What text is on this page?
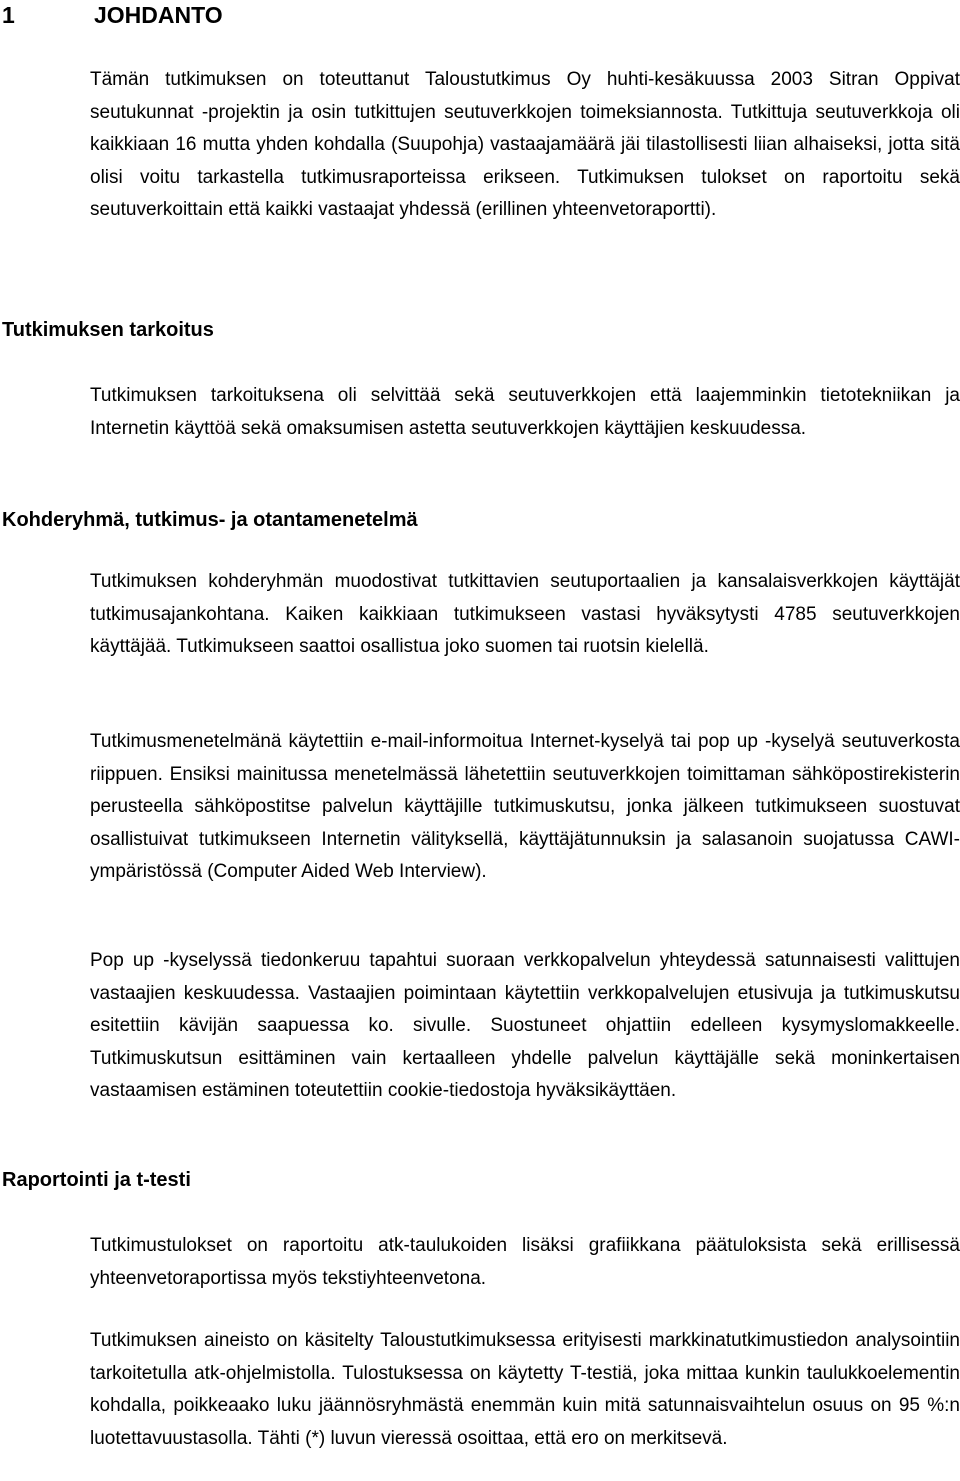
1	JOHDANTO

Tämän tutkimuksen on toteuttanut Taloustutkimus Oy huhti-kesäkuussa 2003 Sitran Oppivat seutukunnat -projektin ja osin tutkittujen seutuverkkojen toimeksiannosta. Tutkittuja seutuverkkoja oli kaikkiaan 16 mutta yhden kohdalla (Suupohja) vastaajamäärä jäi tilastollisesti liian alhaiseksi, jotta sitä olisi voitu tarkastella tutkimusraporteissa erikseen. Tutkimuksen tulokset on raportoitu sekä seutuverkoittain että kaikki vastaajat yhdessä (erillinen yhteenvetoraportti).

Tutkimuksen tarkoitus

Tutkimuksen tarkoituksena oli selvittää sekä seutuverkkojen että laajemminkin tietotekniikan ja Internetin käyttöä sekä omaksumisen astetta seutuverkkojen käyttäjien keskuudessa.

Kohderyhmä, tutkimus- ja otantamenetelmä

Tutkimuksen kohderyhmän muodostivat tutkittavien seutuportaalien ja kansalaisverkkojen käyttäjät tutkimusajankohtana. Kaiken kaikkiaan tutkimukseen vastasi hyväksytysti 4785 seutuverkkojen käyttäjää. Tutkimukseen saattoi osallistua joko suomen tai ruotsin kielellä.

Tutkimusmenetelmänä käytettiin e-mail-informoitua Internet-kyselyä tai pop up -kyselyä seutuverkosta riippuen. Ensiksi mainitussa menetelmässä lähetettiin seutuverkkojen toimittaman sähköpostirekisterin perusteella sähköpostitse palvelun käyttäjille tutkimuskutsu, jonka jälkeen tutkimukseen suostuvat osallistuivat tutkimukseen Internetin välityksellä, käyttäjätunnuksin ja salasanoin suojatussa CAWI-ympäristössä (Computer Aided Web Interview).

Pop up -kyselyssä tiedonkeruu tapahtui suoraan verkkopalvelun yhteydessä satunnaisesti valittujen vastaajien keskuudessa. Vastaajien poimintaan käytettiin verkkopalvelujen etusivuja ja tutkimuskutsu esitettiin kävijän saapuessa ko. sivulle. Suostuneet ohjattiin edelleen kysymyslomakkeelle. Tutkimuskutsun esittäminen vain kertaalleen yhdelle palvelun käyttäjälle sekä moninkertaisen vastaamisen estäminen toteutettiin cookie-tiedostoja hyväksikäyttäen.

Raportointi ja t-testi

Tutkimustulokset on raportoitu atk-taulukoiden lisäksi grafiikkana päätuloksista sekä erillisessä yhteenvetoraportissa myös tekstiyhteenvetona.

Tutkimuksen aineisto on käsitelty Taloustutkimuksessa erityisesti markkinatutkimustiedon analysointiin tarkoitetulla atk-ohjelmistolla. Tulostuksessa on käytetty T-testiä, joka mittaa kunkin taulukkoelementin kohdalla, poikkeaako luku jäännösryhmästä enemmän kuin mitä satunnaisvaihtelun osuus on 95 %:n luotettavuustasolla. Tähti (*) luvun vieressä osoittaa, että ero on merkitsevä.
